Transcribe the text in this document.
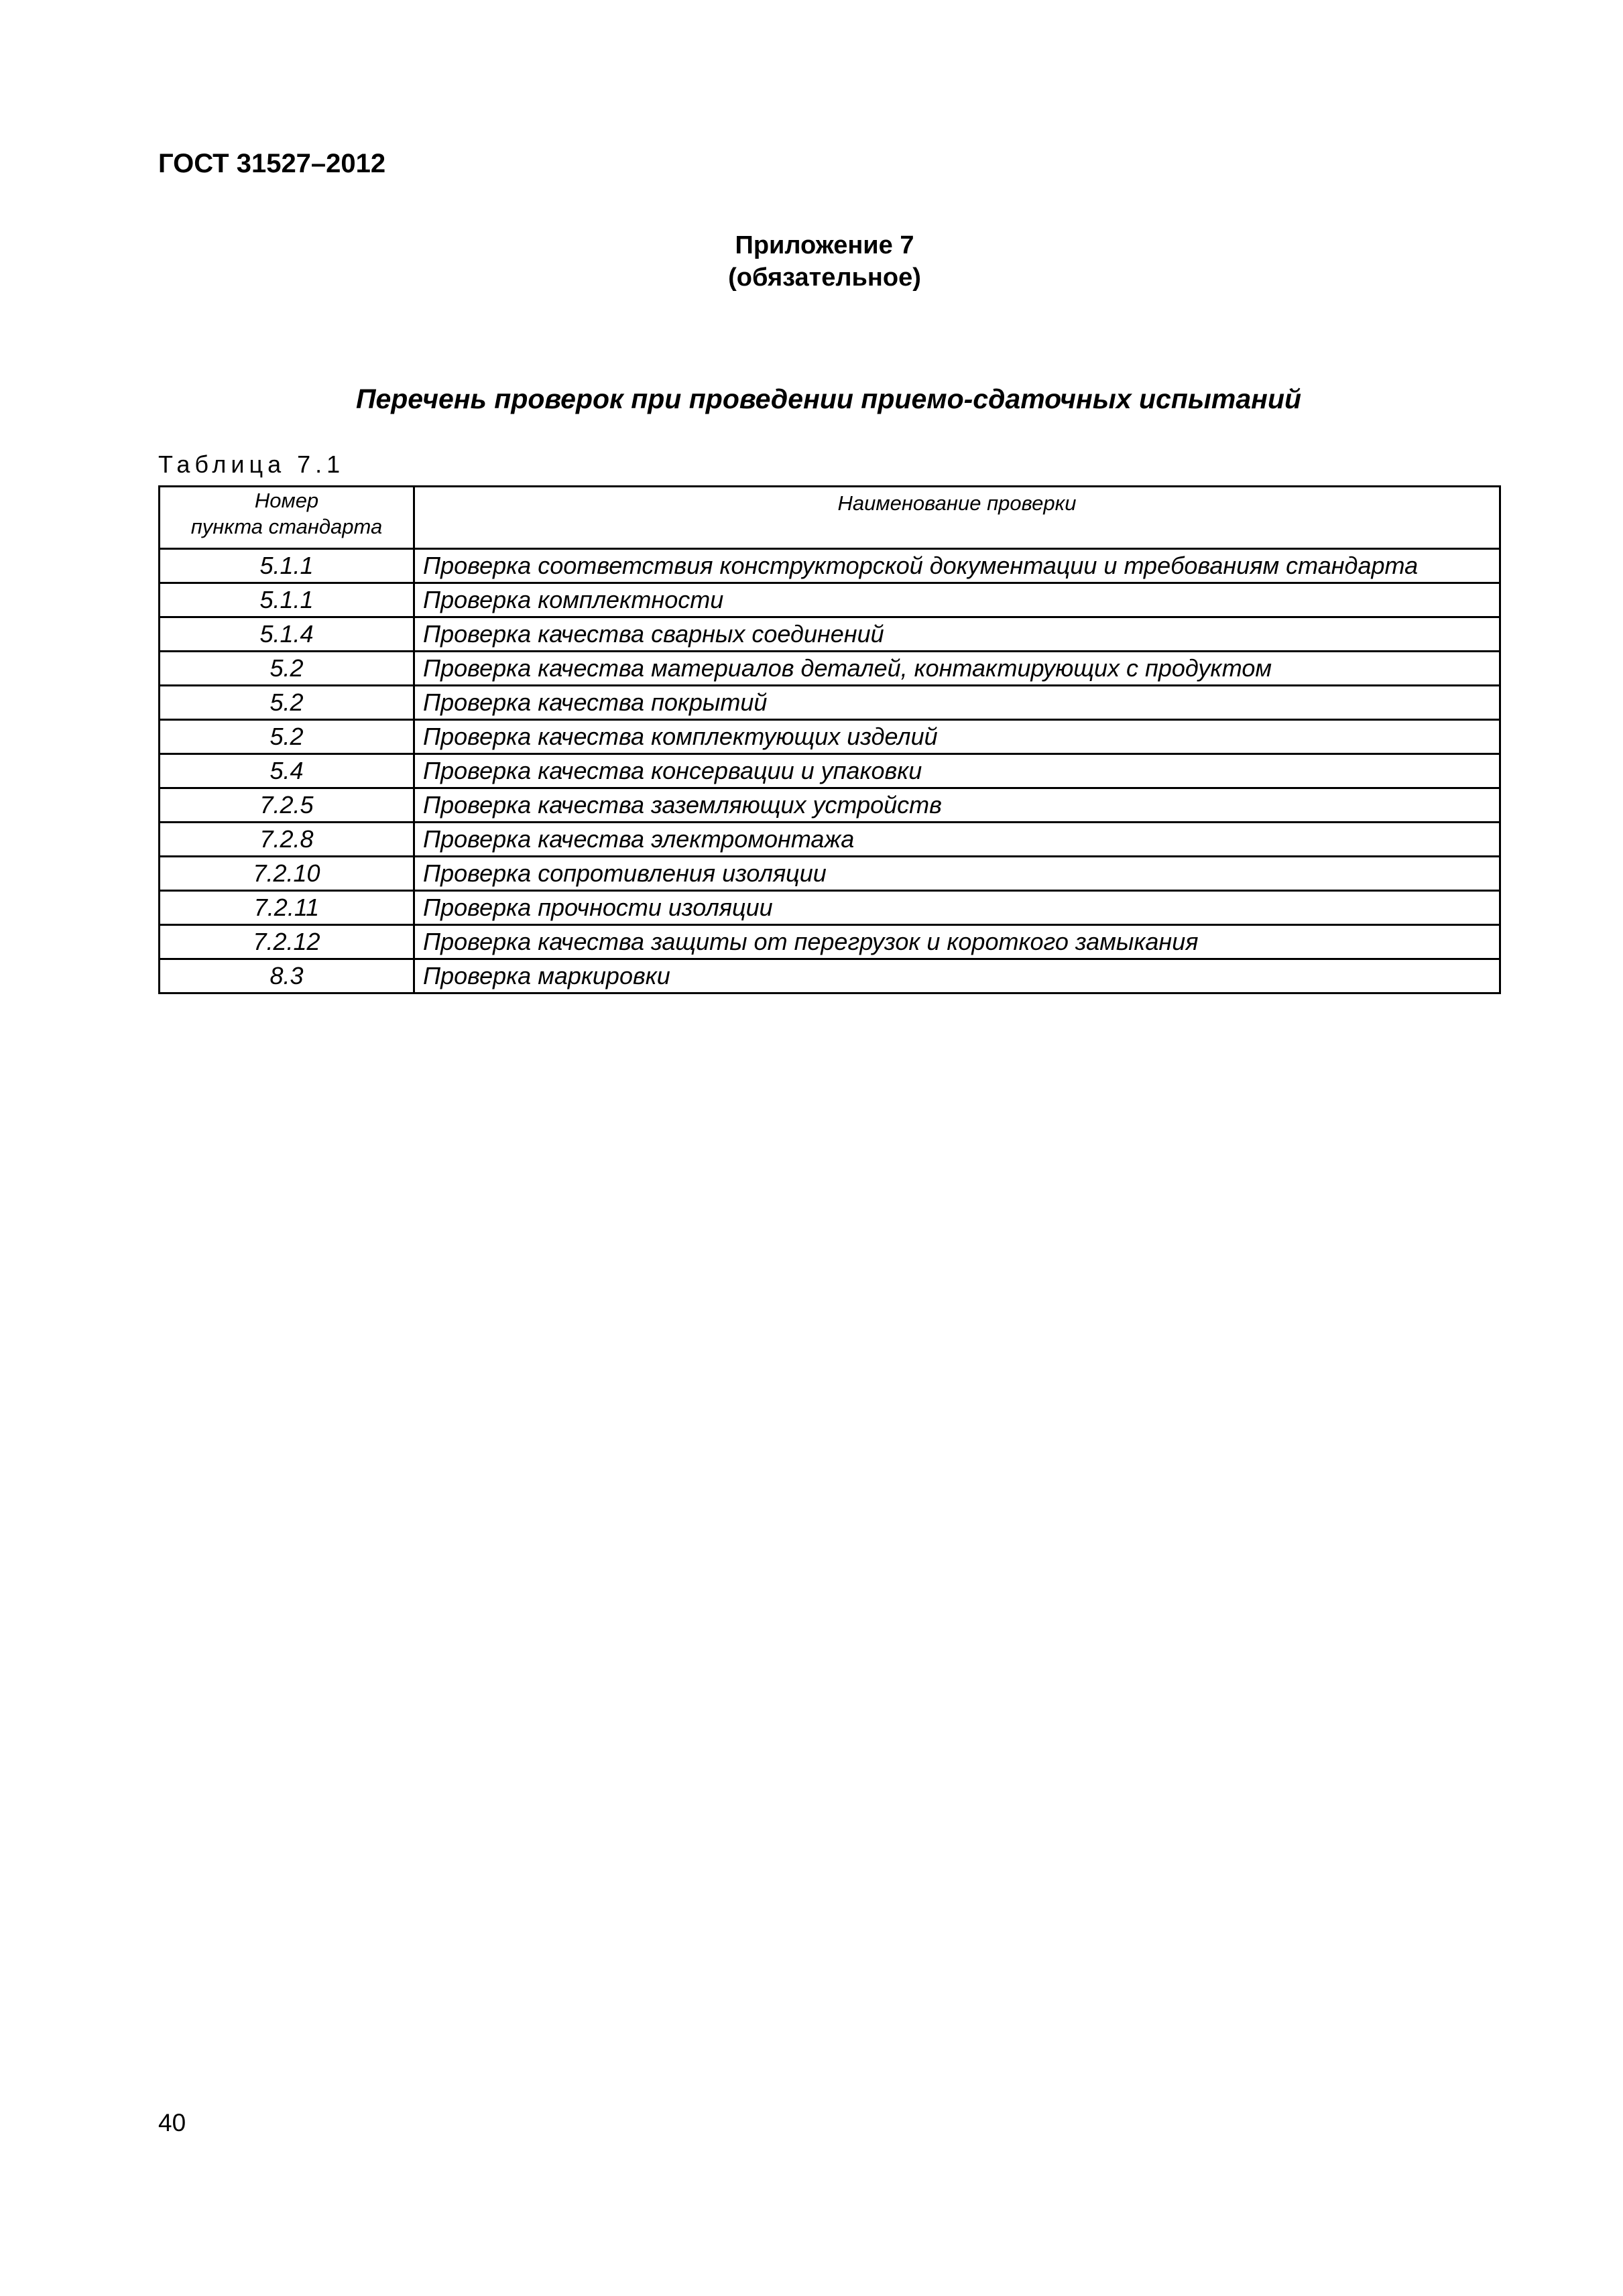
ГОСТ 31527–2012
Приложение 7
(обязательное)
Перечень проверок при проведении приемо-сдаточных испытаний
Таблица 7.1
Номер
пункта стандарта	Наименование проверки
5.1.1	Проверка соответствия конструкторской документации и требованиям стандарта
5.1.1	Проверка комплектности
5.1.4	Проверка качества сварных соединений
5.2	Проверка качества материалов деталей, контактирующих с продуктом
5.2	Проверка качества покрытий
5.2	Проверка качества комплектующих изделий
5.4	Проверка качества консервации и упаковки
7.2.5	Проверка качества заземляющих устройств
7.2.8	Проверка качества электромонтажа
7.2.10	Проверка сопротивления изоляции
7.2.11	Проверка прочности изоляции
7.2.12	Проверка качества защиты от перегрузок и короткого замыкания
8.3	Проверка маркировки
40
